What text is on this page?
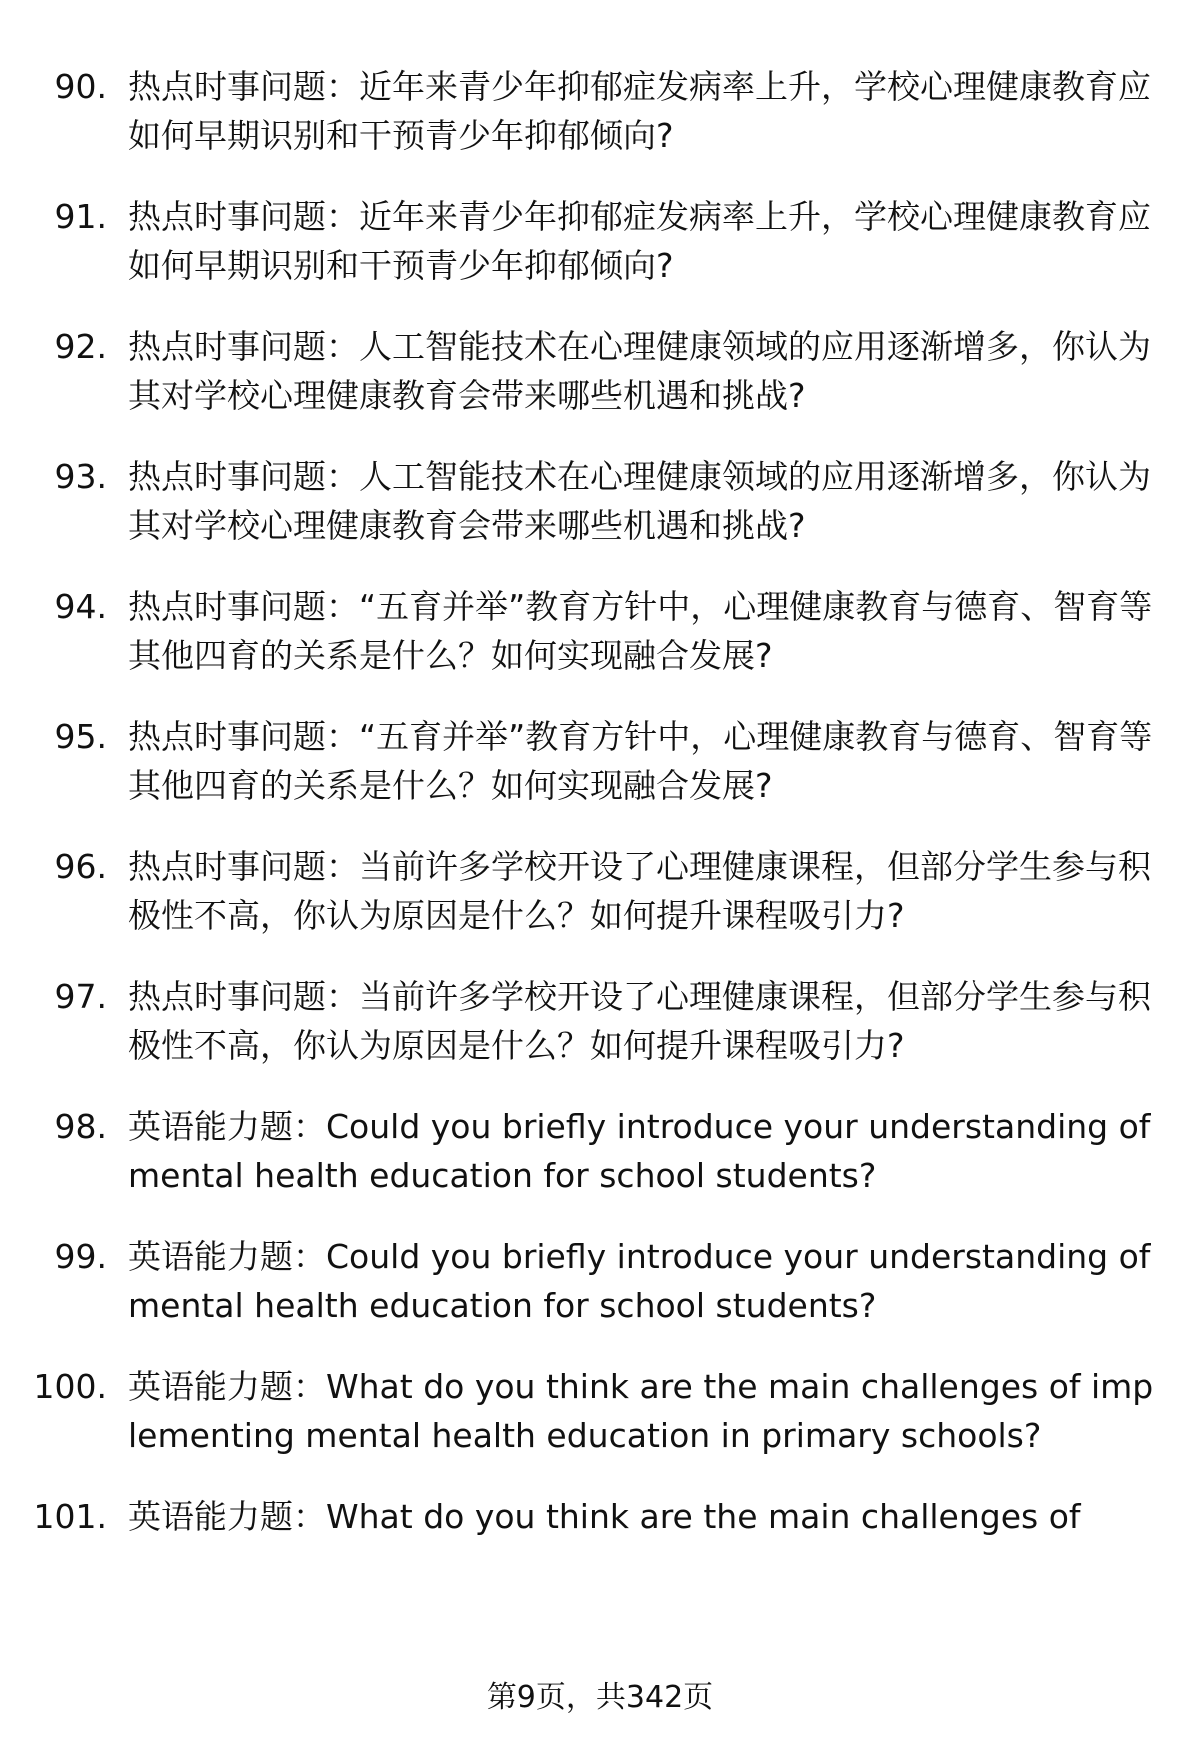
90. 热点时事问题：近年来青少年抑郁症发病率上升，学校心理健康教育应如何早期识别和干预青少年抑郁倾向?
91. 热点时事问题：近年来青少年抑郁症发病率上升，学校心理健康教育应如何早期识别和干预青少年抑郁倾向?
92. 热点时事问题：人工智能技术在心理健康领域的应用逐渐增多，你认为其对学校心理健康教育会带来哪些机遇和挑战?
93. 热点时事问题：人工智能技术在心理健康领域的应用逐渐增多，你认为其对学校心理健康教育会带来哪些机遇和挑战?
94. 热点时事问题：“五育并举”教育方针中，心理健康教育与德育、智育等其他四育的关系是什么？如何实现融合发展?
95. 热点时事问题：“五育并举”教育方针中，心理健康教育与德育、智育等其他四育的关系是什么？如何实现融合发展?
96. 热点时事问题：当前许多学校开设了心理健康课程，但部分学生参与积极性不高，你认为原因是什么？如何提升课程吸引力?
97. 热点时事问题：当前许多学校开设了心理健康课程，但部分学生参与积极性不高，你认为原因是什么？如何提升课程吸引力?
98. 英语能力题：Could you briefly introduce your understanding of mental health education for school students?
99. 英语能力题：Could you briefly introduce your understanding of mental health education for school students?
100. 英语能力题：What do you think are the main challenges of implementing mental health education in primary schools?
101. 英语能力题：What do you think are the main challenges of
第9页，共342页
